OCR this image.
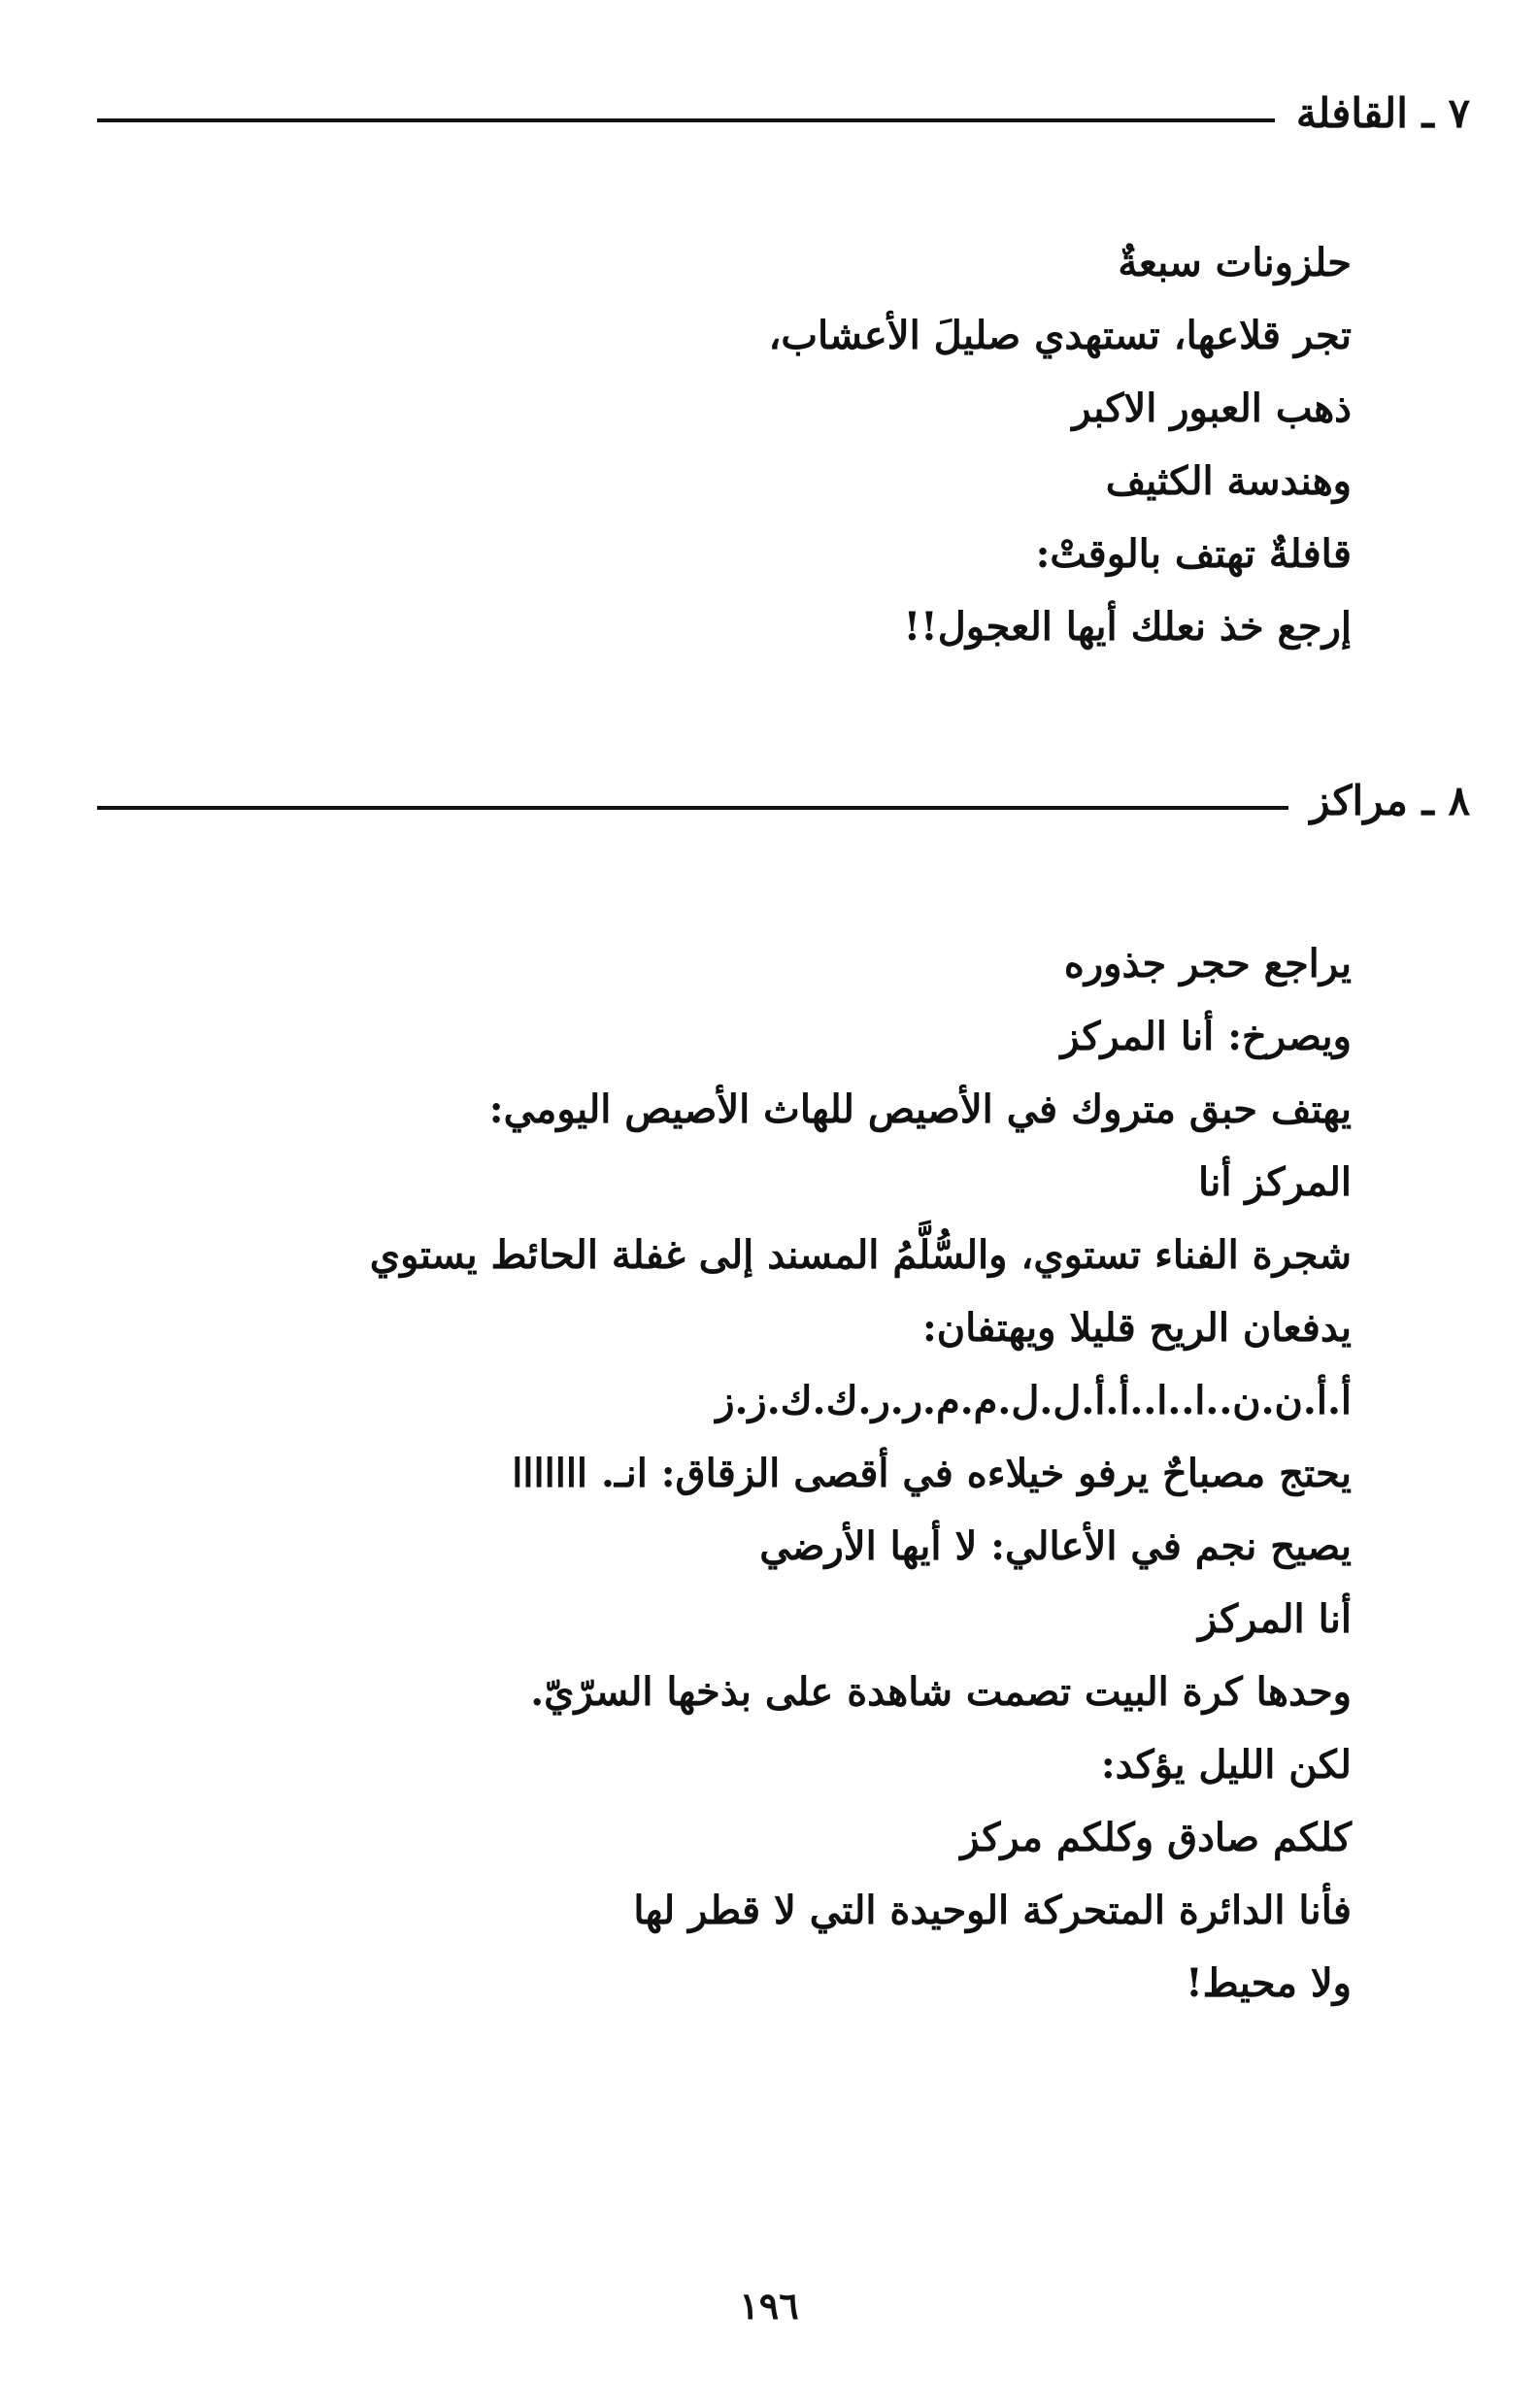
٧ ـ القافلة
حلزونات سبعةٌ
تجر قلاعها، تستهدي صليلَ الأعشاب،
ذهب العبور الاكبر
وهندسة الكثيف
قافلةٌ تهتف بالوقتْ:
إرجع خذ نعلك أيها العجول!!
٨ ـ مراكز
يراجع حجر جذوره
ويصرخ: أنا المركز
يهتف حبق متروك في الأصيص للهاث الأصيص اليومي:
المركز أنا
شجرة الفناء تستوي، والسُّلَّمُ المسند إلى غفلة الحائط يستوي
يدفعان الريح قليلا ويهتفان:
أ.أ.ن.ن..ا..ا..أ.أ.ل.ل.م.م.ر.ر.ك.ك.ز.ز
يحتج مصباحٌ يرفو خيلاءه في أقصى الزقاق: انـ. ااااااا
يصيح نجم في الأعالي: لا أيها الأرضي
أنا المركز
وحدها كرة البيت تصمت شاهدة على بذخها السرّيّ.
لكن الليل يؤكد:
كلكم صادق وكلكم مركز
فأنا الدائرة المتحركة الوحيدة التي لا قطر لها
ولا محيط!
١٩٦
